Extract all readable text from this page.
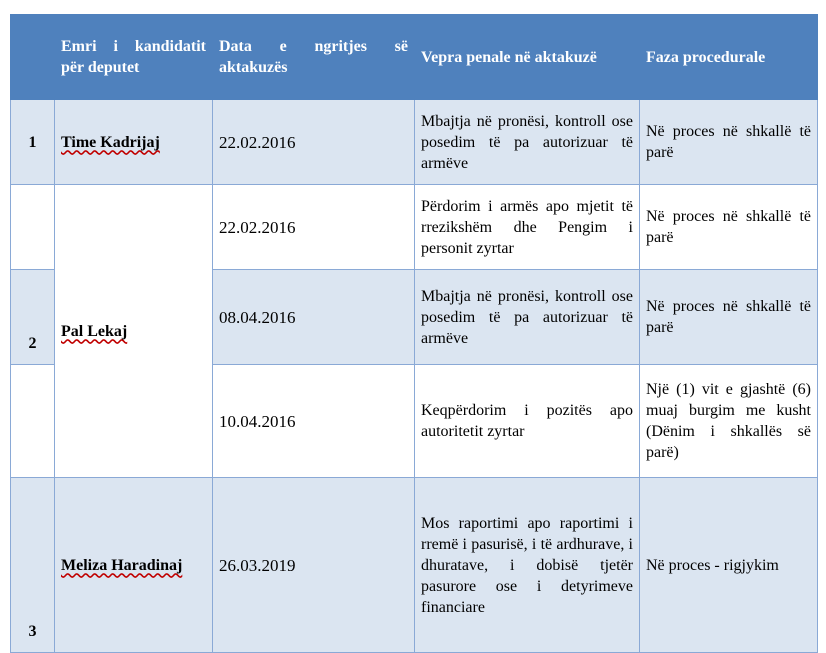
	Emri i kandidatit për deputet	Data e ngritjes së aktakuzës	Vepra penale në aktakuzë	Faza procedurale
1	Time Kadrijaj	22.02.2016	Mbajtja në pronësi, kontroll ose posedim të pa autorizuar të armëve	Në proces në shkallë të parë
	Pal Lekaj	22.02.2016	Përdorim i armës apo mjetit të rrezikshëm dhe Pengim i personit zyrtar	Në proces në shkallë të parë
2		08.04.2016	Mbajtja në pronësi, kontroll ose posedim të pa autorizuar të armëve	Në proces në shkallë të parë
		10.04.2016	Keqpërdorim i pozitës apo autoritetit zyrtar	Një (1) vit e gjashtë (6) muaj burgim me kusht (Dënim i shkallës së parë)
3	Meliza Haradinaj	26.03.2019	Mos raportimi apo raportimi i rremë i pasurisë, i të ardhurave, i dhuratave, i dobisë tjetër pasurore ose i detyrimeve financiare	Në proces - rigjykim
